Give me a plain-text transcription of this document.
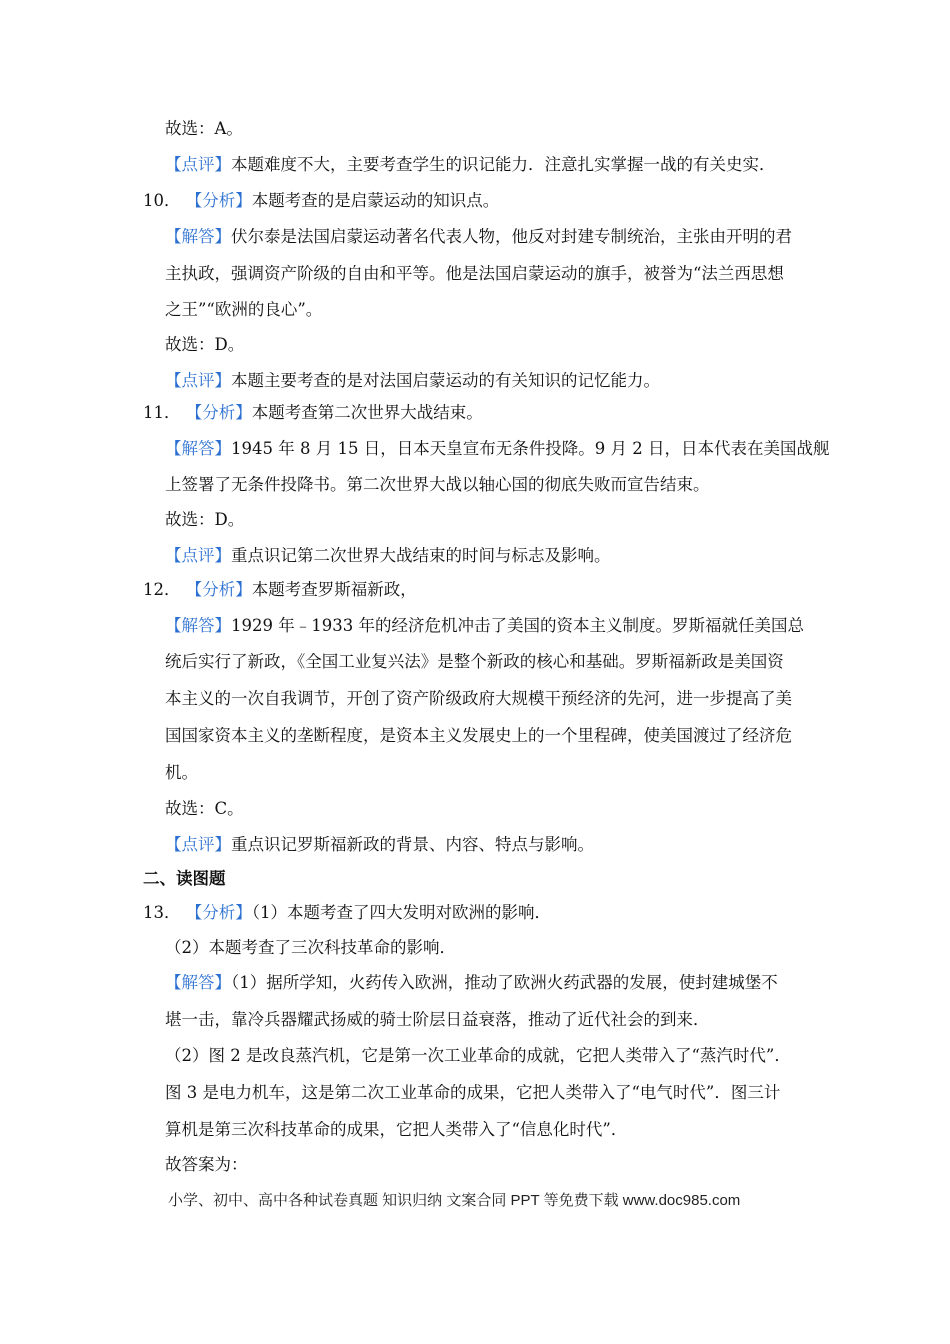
故选：A。
【点评】本题难度不大，主要考查学生的识记能力．注意扎实掌握一战的有关史实．
10． 【分析】本题考查的是启蒙运动的知识点。
【解答】伏尔泰是法国启蒙运动著名代表人物，他反对封建专制统治，主张由开明的君
主执政，强调资产阶级的自由和平等。他是法国启蒙运动的旗手，被誉为“法兰西思想
之王”“欧洲的良心”。
故选：D。
【点评】本题主要考查的是对法国启蒙运动的有关知识的记忆能力。
11． 【分析】本题考查第二次世界大战结束。
【解答】1945 年 8 月 15 日，日本天皇宣布无条件投降。9 月 2 日，日本代表在美国战舰
上签署了无条件投降书。第二次世界大战以轴心国的彻底失败而宣告结束。
故选：D。
【点评】重点识记第二次世界大战结束的时间与标志及影响。
12． 【分析】本题考查罗斯福新政，
【解答】1929 年﹣1933 年的经济危机冲击了美国的资本主义制度。罗斯福就任美国总
统后实行了新政，《全国工业复兴法》是整个新政的核心和基础。罗斯福新政是美国资
本主义的一次自我调节，开创了资产阶级政府大规模干预经济的先河，进一步提高了美
国国家资本主义的垄断程度，是资本主义发展史上的一个里程碑，使美国渡过了经济危
机。
故选：C。
【点评】重点识记罗斯福新政的背景、内容、特点与影响。
二、读图题
13． 【分析】（1）本题考查了四大发明对欧洲的影响．
（2）本题考查了三次科技革命的影响．
【解答】（1）据所学知，火药传入欧洲，推动了欧洲火药武器的发展，使封建城堡不
堪一击，靠冷兵器耀武扬威的骑士阶层日益衰落，推动了近代社会的到来．
（2）图 2 是改良蒸汽机，它是第一次工业革命的成就，它把人类带入了“蒸汽时代”．
图 3 是电力机车，这是第二次工业革命的成果，它把人类带入了“电气时代”．图三计
算机是第三次科技革命的成果，它把人类带入了“信息化时代”．
故答案为：
小学、初中、高中各种试卷真题 知识归纳 文案合同 PPT 等免费下载 www.doc985.com
